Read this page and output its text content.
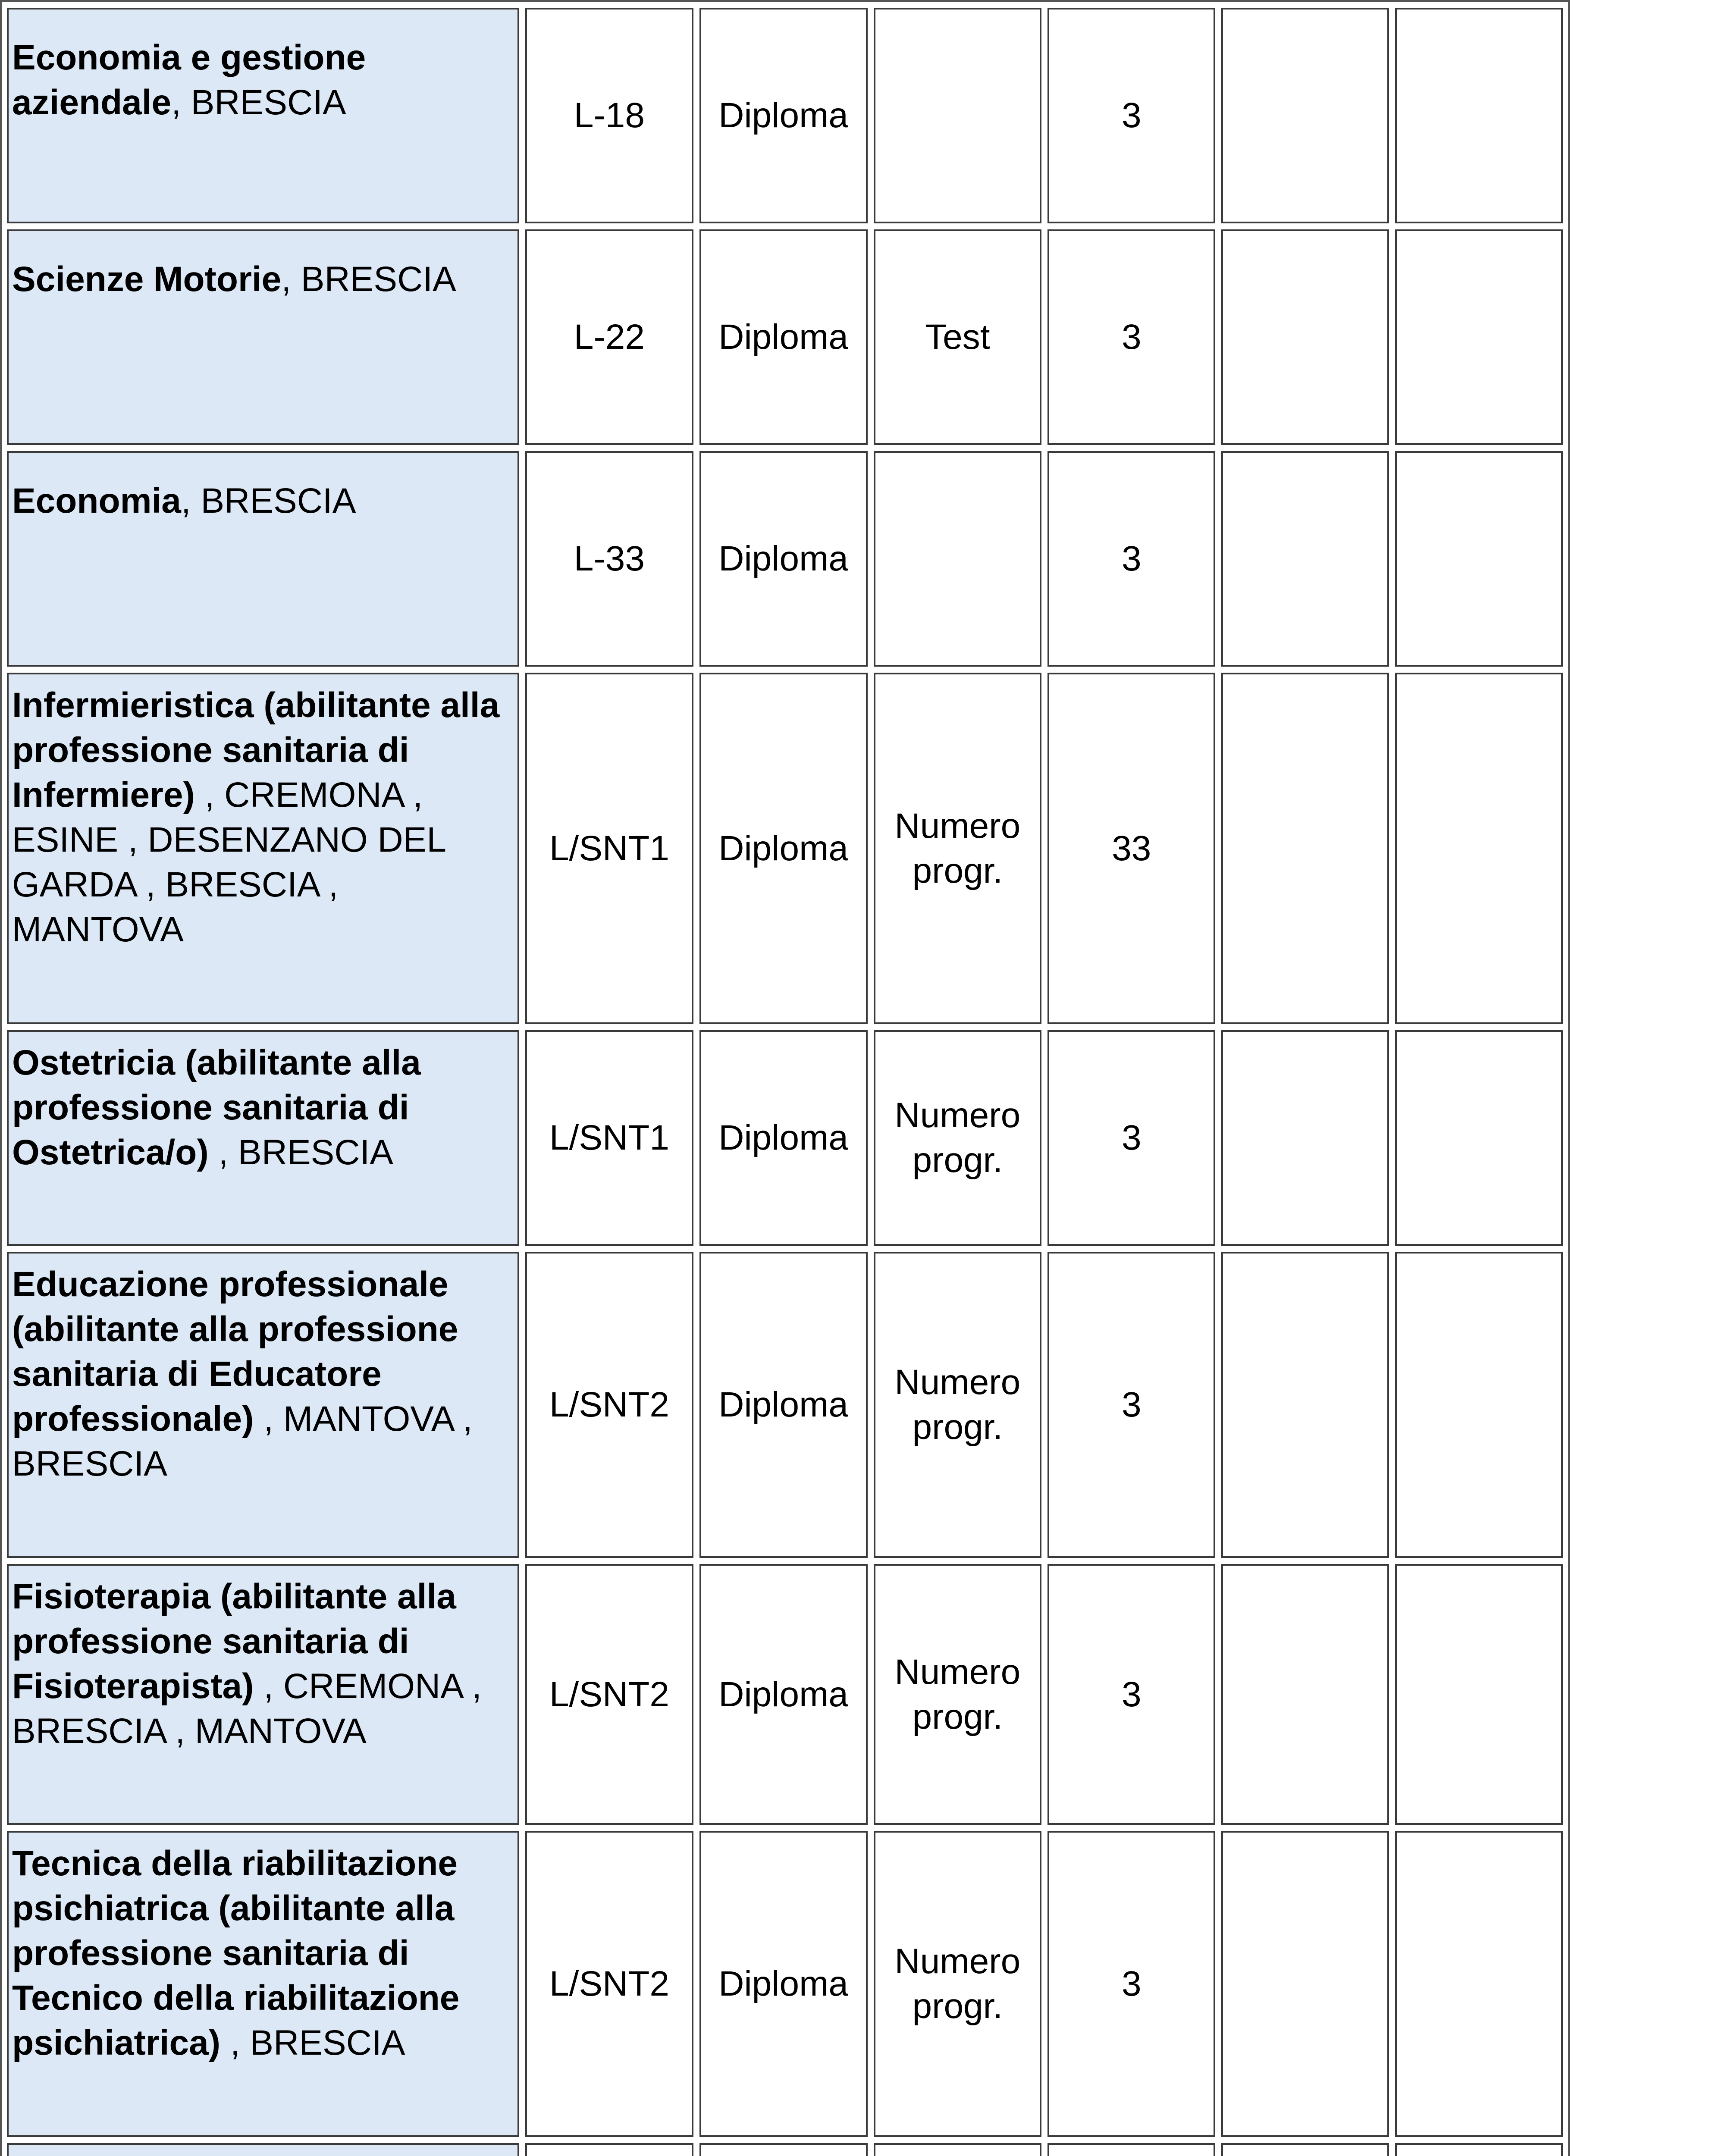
Economia e gestione aziendale, BRESCIA	L-18	Diploma		3		
Scienze Motorie, BRESCIA	L-22	Diploma	Test	3		
Economia, BRESCIA	L-33	Diploma		3		
Infermieristica (abilitante alla professione sanitaria di Infermiere) , CREMONA , ESINE , DESENZANO DEL GARDA , BRESCIA , MANTOVA	L/SNT1	Diploma	Numero progr.	33		
Ostetricia (abilitante alla professione sanitaria di Ostetrica/o) , BRESCIA	L/SNT1	Diploma	Numero progr.	3		
Educazione professionale (abilitante alla professione sanitaria di Educatore professionale) , MANTOVA , BRESCIA	L/SNT2	Diploma	Numero progr.	3		
Fisioterapia (abilitante alla professione sanitaria di Fisioterapista) , CREMONA , BRESCIA , MANTOVA	L/SNT2	Diploma	Numero progr.	3		
Tecnica della riabilitazione psichiatrica (abilitante alla professione sanitaria di Tecnico della riabilitazione psichiatrica) , BRESCIA	L/SNT2	Diploma	Numero progr.	3		
